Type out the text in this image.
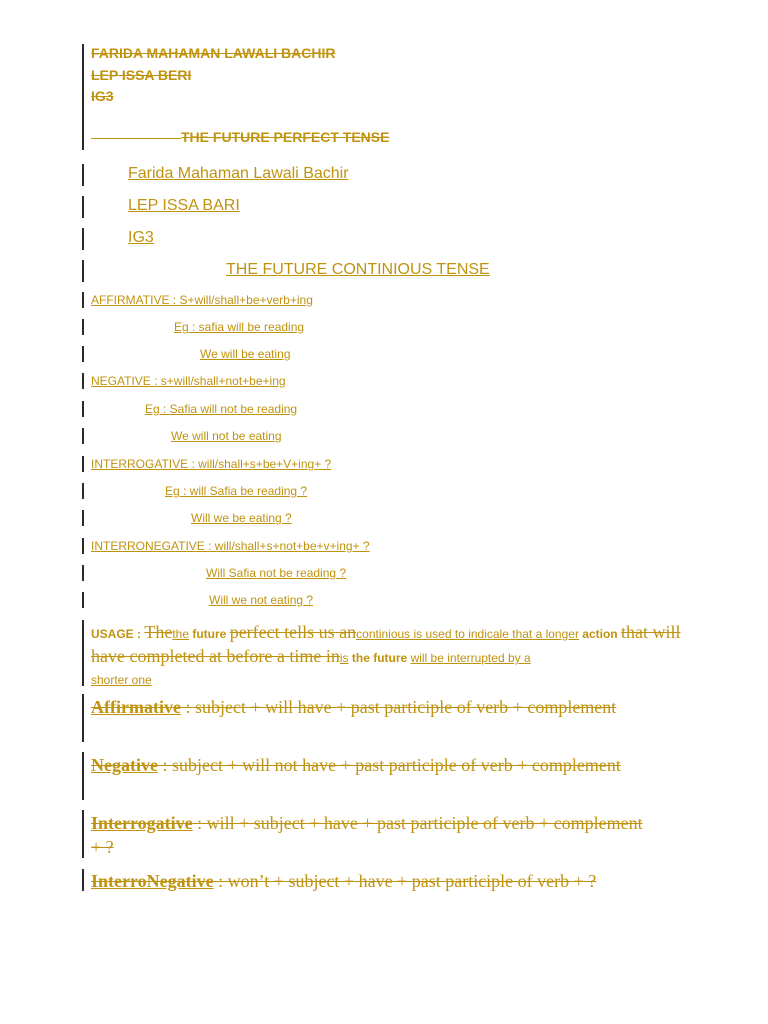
FARIDA MAHAMAN LAWALI BACHIR
LEP ISSA BERI
IG3
THE FUTURE PERFECT TENSE
Farida Mahaman Lawali Bachir
LEP ISSA BARI
IG3
THE FUTURE CONTINIOUS TENSE
AFFIRMATIVE : S+will/shall+be+verb+ing
Eg : safia will be reading
We will be eating
NEGATIVE : s+will/shall+not+be+ing
Eg : Safia will not be reading
We will not be eating
INTERROGATIVE : will/shall+s+be+V+ing+ ?
Eg : will Safia be reading ?
Will we be eating ?
INTERRONEGATIVE : will/shall+s+not+be+v+ing+ ?
Will Safia not be reading ?
Will we not eating ?
USAGE : Thethe future perfect tells us ancontinious is used to indicale that a longer action that will have completed at before a time inis the future will be interrupted by a
shorter one
Affirmative : subject + will have + past participle of verb + complement
Negative : subject + will not have + past participle of verb + complement
Interrogative : will + subject + have + past participle of verb + complement + ?
InterroNegative : won’t + subject + have + past participle of verb + ?
